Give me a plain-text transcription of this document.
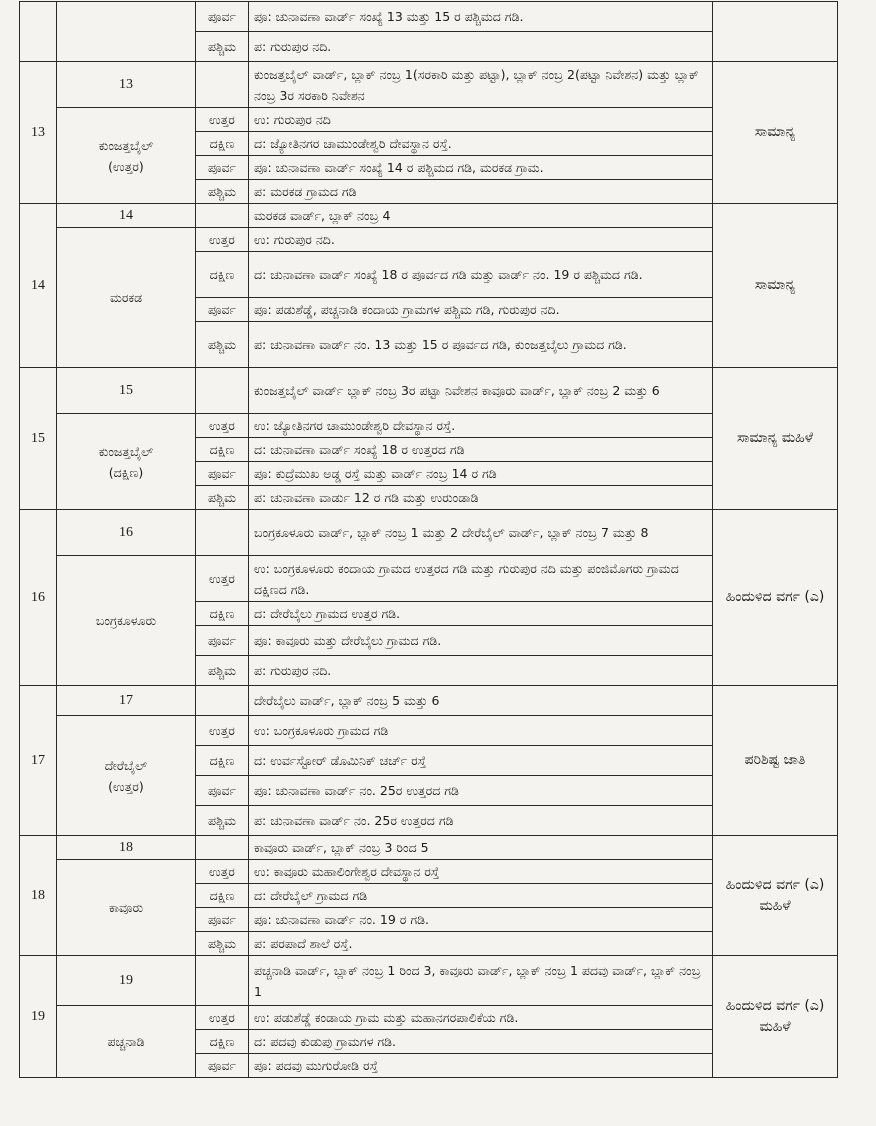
		ಪೂರ್ವ	ಪೂ: ಚುನಾವಣಾ ವಾರ್ಡ್ ಸಂಖ್ಯೆ 13 ಮತ್ತು 15 ರ ಪಶ್ಚಿಮದ ಗಡಿ.	
		ಪಶ್ಚಿಮ	ಪ: ಗುರುಪುರ ನದಿ.	
13	13		ಕುಂಜತ್ತಬೈಲ್ ವಾರ್ಡ್, ಬ್ಲಾಕ್ ನಂಬ್ರ 1(ಸರಕಾರಿ ಮತ್ತು ಪಟ್ಟಾ), ಬ್ಲಾಕ್ ನಂಬ್ರ 2(ಪಟ್ಟಾ ನಿವೇಶನ) ಮತ್ತು ಬ್ಲಾಕ್ ನಂಬ್ರ 3ರ ಸರಕಾರಿ ನಿವೇಶನ	ಸಾಮಾನ್ಯ

	ಕುಂಜತ್ತಬೈಲ್
(ಉತ್ತರ)	ಉತ್ತರ	ಉ: ಗುರುಪುರ ನದಿ	
		ದಕ್ಷಿಣ	ದ: ಜ್ಯೋತಿನಗರ ಚಾಮುಂಡೇಶ್ವರಿ ದೇವಸ್ಥಾನ ರಸ್ತೆ.	
		ಪೂರ್ವ	ಪೂ: ಚುನಾವಣಾ ವಾರ್ಡ್ ಸಂಖ್ಯೆ 14 ರ ಪಶ್ಚಿಮದ ಗಡಿ, ಮರಕಡ ಗ್ರಾಮ.	
		ಪಶ್ಚಿಮ	ಪ: ಮರಕಡ ಗ್ರಾಮದ ಗಡಿ	
14	14		ಮರಕಡ ವಾರ್ಡ್, ಬ್ಲಾಕ್ ನಂಬ್ರ 4	ಸಾಮಾನ್ಯ

	ಮರಕಡ	ಉತ್ತರ	ಉ: ಗುರುಪುರ ನದಿ.	
		ದಕ್ಷಿಣ	ದ: ಚುನಾವಣಾ ವಾರ್ಡ್ ಸಂಖ್ಯೆ 18 ರ ಪೂರ್ವದ ಗಡಿ ಮತ್ತು ವಾರ್ಡ್ ನಂ. 19 ರ ಪಶ್ಚಿಮದ ಗಡಿ.	
		ಪೂರ್ವ	ಪೂ: ಪಡುಶೆಡ್ಡೆ, ಪಚ್ಚನಾಡಿ ಕಂದಾಯ ಗ್ರಾಮಗಳ ಪಶ್ಚಿಮ ಗಡಿ, ಗುರುಪುರ ನದಿ.	
		ಪಶ್ಚಿಮ	ಪ: ಚುನಾವಣಾ ವಾರ್ಡ್ ನಂ. 13 ಮತ್ತು 15 ರ ಪೂರ್ವದ ಗಡಿ, ಕುಂಜತ್ತಬೈಲು ಗ್ರಾಮದ ಗಡಿ.	
15	15		ಕುಂಜತ್ತಬೈಲ್ ವಾರ್ಡ್ ಬ್ಲಾಕ್ ನಂಬ್ರ 3ರ ಪಟ್ಟಾ ನಿವೇಶನ ಕಾವೂರು ವಾರ್ಡ್, ಬ್ಲಾಕ್ ನಂಬ್ರ 2 ಮತ್ತು 6	ಸಾಮಾನ್ಯ ಮಹಿಳೆ

	ಕುಂಜತ್ತಬೈಲ್
(ದಕ್ಷಿಣ)	ಉತ್ತರ	ಉ: ಜ್ಯೋತಿನಗರ ಚಾಮುಂಡೇಶ್ವರಿ ದೇವಸ್ಥಾನ ರಸ್ತೆ.	
		ದಕ್ಷಿಣ	ದ: ಚುನಾವಣಾ ವಾರ್ಡ್ ಸಂಖ್ಯೆ 18 ರ ಉತ್ತರದ ಗಡಿ	
		ಪೂರ್ವ	ಪೂ: ಕುದ್ರೆಮುಖ ಅಡ್ಡ ರಸ್ತೆ ಮತ್ತು ವಾರ್ಡ್ ನಂಬ್ರ 14 ರ ಗಡಿ	
		ಪಶ್ಚಿಮ	ಪ: ಚುನಾವಣಾ ವಾರ್ಡು 12 ರ ಗಡಿ ಮತ್ತು ಉರುಂಡಾಡಿ	
16	16		ಬಂಗ್ರಕೂಳೂರು ವಾರ್ಡ್, ಬ್ಲಾಕ್ ನಂಬ್ರ 1 ಮತ್ತು 2 ದೇರೆಬೈಲ್ ವಾರ್ಡ್, ಬ್ಲಾಕ್ ನಂಬ್ರ 7 ಮತ್ತು 8	ಹಿಂದುಳಿದ ವರ್ಗ (ಎ)

	ಬಂಗ್ರಕೂಳೂರು	ಉತ್ತರ	ಉ: ಬಂಗ್ರಕೂಳೂರು ಕಂದಾಯ ಗ್ರಾಮದ ಉತ್ತರದ ಗಡಿ ಮತ್ತು ಗುರುಪುರ ನದಿ ಮತ್ತು ಪಂಜಿಮೊಗರು ಗ್ರಾಮದ ದಕ್ಷಿಣದ ಗಡಿ.	
		ದಕ್ಷಿಣ	ದ: ದೇರೆಬೈಲು ಗ್ರಾಮದ ಉತ್ತರ ಗಡಿ.	
		ಪೂರ್ವ	ಪೂ: ಕಾವೂರು ಮತ್ತು ದೇರೆಬೈಲು ಗ್ರಾಮದ ಗಡಿ.	
		ಪಶ್ಚಿಮ	ಪ: ಗುರುಪುರ ನದಿ.	
17	17		ದೇರೆಬೈಲು ವಾರ್ಡ್, ಬ್ಲಾಕ್ ನಂಬ್ರ 5 ಮತ್ತು 6	ಪರಿಶಿಷ್ಟ ಜಾತಿ

	ದೇರೆಬೈಲ್
(ಉತ್ತರ)	ಉತ್ತರ	ಉ: ಬಂಗ್ರಕೂಳೂರು ಗ್ರಾಮದ ಗಡಿ	
		ದಕ್ಷಿಣ	ದ: ಉರ್ವಸ್ಟೋರ್ ಡೊಮಿನಿಕ್ ಚರ್ಚ್ ರಸ್ತೆ	
		ಪೂರ್ವ	ಪೂ: ಚುನಾವಣಾ ವಾರ್ಡ್ ನಂ. 25ರ ಉತ್ತರದ ಗಡಿ	
		ಪಶ್ಚಿಮ	ಪ: ಚುನಾವಣಾ ವಾರ್ಡ್ ನಂ. 25ರ ಉತ್ತರದ ಗಡಿ	
18	18		ಕಾವೂರು ವಾರ್ಡ್, ಬ್ಲಾಕ್ ನಂಬ್ರ 3 ರಿಂದ 5	ಹಿಂದುಳಿದ ವರ್ಗ (ಎ) ಮಹಿಳೆ

	ಕಾವೂರು	ಉತ್ತರ	ಉ: ಕಾವೂರು ಮಹಾಲಿಂಗೇಶ್ವರ ದೇವಸ್ಥಾನ ರಸ್ತೆ	
		ದಕ್ಷಿಣ	ದ: ದೇರೆಬೈಲ್ ಗ್ರಾಮದ ಗಡಿ	
		ಪೂರ್ವ	ಪೂ: ಚುನಾವಣಾ ವಾರ್ಡ್ ನಂ. 19 ರ ಗಡಿ.	
		ಪಶ್ಚಿಮ	ಪ: ಪರಪಾದೆ ಶಾಲೆ ರಸ್ತೆ.	
19	19		ಪಚ್ಚನಾಡಿ ವಾರ್ಡ್, ಬ್ಲಾಕ್ ನಂಬ್ರ 1 ರಿಂದ 3, ಕಾವೂರು ವಾರ್ಡ್, ಬ್ಲಾಕ್ ನಂಬ್ರ 1 ಪದವು ವಾರ್ಡ್, ಬ್ಲಾಕ್ ನಂಬ್ರ 1	ಹಿಂದುಳಿದ ವರ್ಗ (ಎ) ಮಹಿಳೆ

	ಪಚ್ಚನಾಡಿ	ಉತ್ತರ	ಉ: ಪಡುಶೆಡ್ಡೆ ಕಂಡಾಯ ಗ್ರಾಮ ಮತ್ತು ಮಹಾನಗರಪಾಲಿಕೆಯ ಗಡಿ.	
		ದಕ್ಷಿಣ	ದ: ಪದವು ಕುಡುಪು ಗ್ರಾಮಗಳ ಗಡಿ.	
		ಪೂರ್ವ	ಪೂ: ಪದವು ಮುಗುರೋಡಿ ರಸ್ತೆ	
